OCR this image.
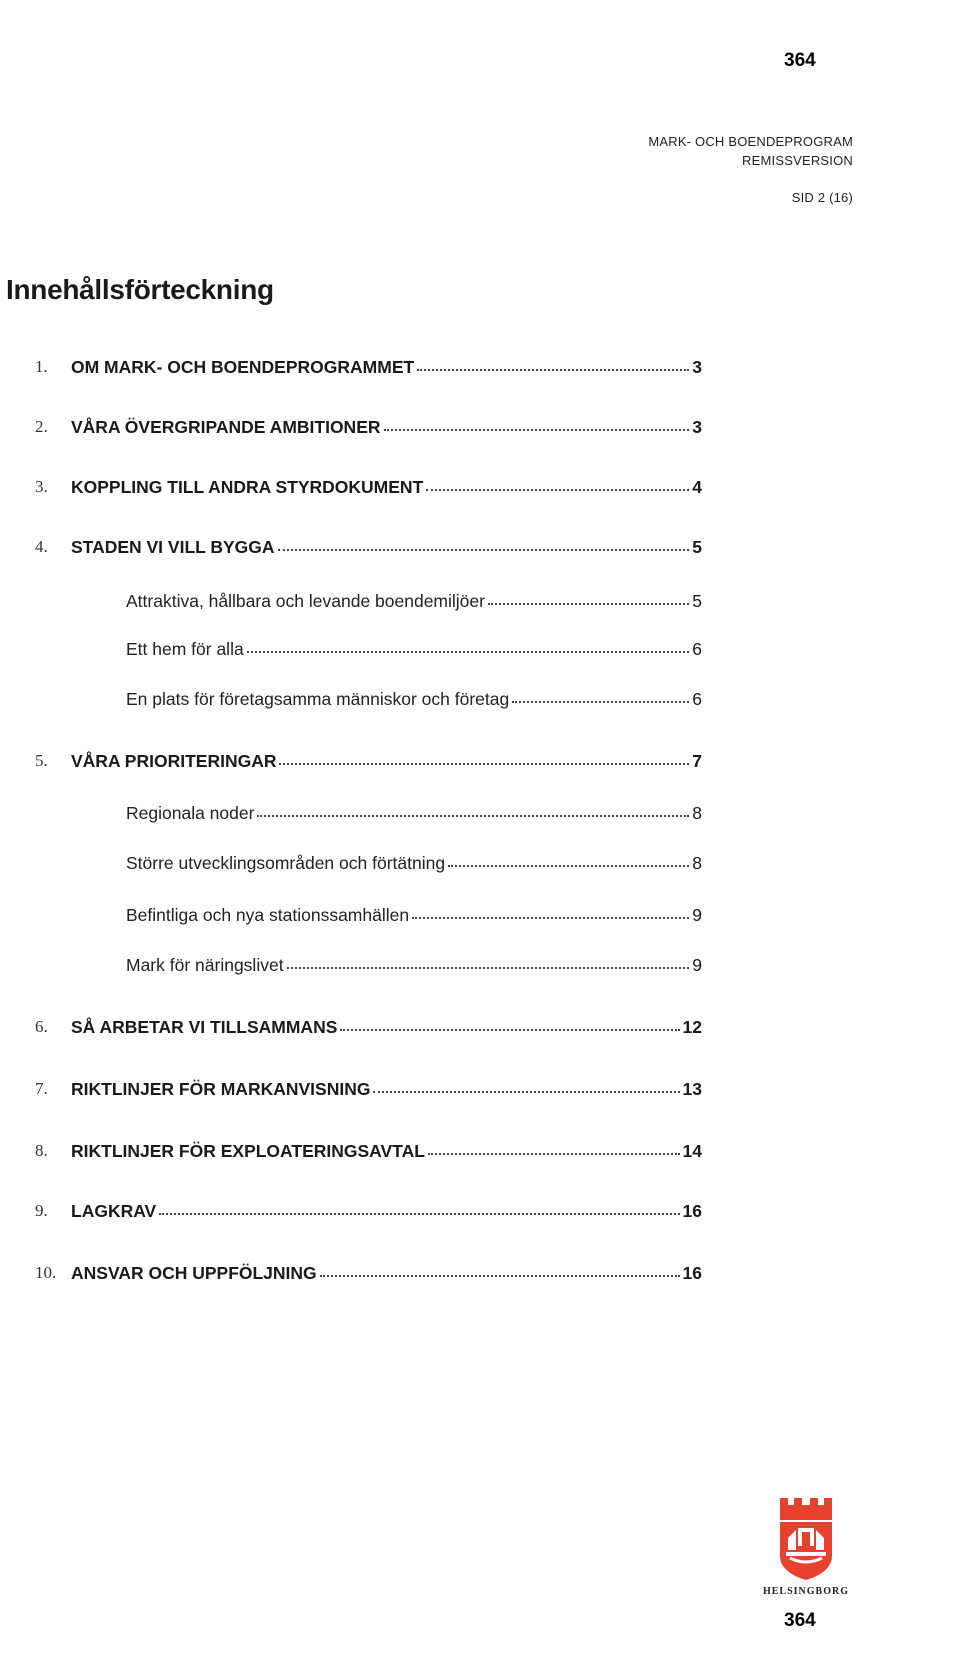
364
MARK- OCH BOENDEPROGRAM
REMISSVERSION
SID 2 (16)
Innehållsförteckning
1.	OM MARK- OCH BOENDEPROGRAMMET	3
2.	VÅRA ÖVERGRIPANDE AMBITIONER	3
3.	KOPPLING TILL ANDRA STYRDOKUMENT	4
4.	STADEN VI VILL BYGGA	5
Attraktiva, hållbara och levande boendemiljöer	5
Ett hem för alla	6
En plats för företagsamma människor och företag	6
5.	VÅRA PRIORITERINGAR	7
Regionala noder	8
Större utvecklingsområden och förtätning	8
Befintliga och nya stationssamhällen	9
Mark för näringslivet	9
6.	SÅ ARBETAR VI TILLSAMMANS	12
7.	RIKTLINJER FÖR MARKANVISNING	13
8.	RIKTLINJER FÖR EXPLOATERINGSAVTAL	14
9.	LAGKRAV	16
10. ANSVAR OCH UPPFÖLJNING	16
HELSINGBORG
364
